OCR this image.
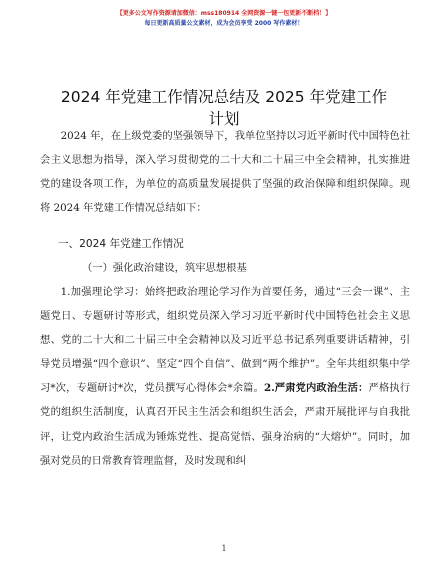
【更多公文写作资源请加微信：mss180914 全网资源一键一包更新不断档！】
每日更新高质量公文素材，成为会员享受 2000 写作素材！
2024 年党建工作情况总结及 2025 年党建工作
计划
2024 年，在上级党委的坚强领导下，我单位坚持以习近平新时代中国特色社会主义思想为指导，深入学习贯彻党的二十大和二十届三中全会精神，扎实推进党的建设各项工作，为单位的高质量发展提供了坚强的政治保障和组织保障。现将 2024 年党建工作情况总结如下：
一、2024 年党建工作情况
（一）强化政治建设，筑牢思想根基
1.加强理论学习：始终把政治理论学习作为首要任务，通过“三会一课”、主题党日、专题研讨等形式，组织党员深入学习习近平新时代中国特色社会主义思想、党的二十大和二十届三中全会精神以及习近平总书记系列重要讲话精神，引导党员增强“四个意识”、坚定“四个自信”、做到“两个维护”。全年共组织集中学习*次，专题研讨*次，党员撰写心得体会*余篇。2.严肃党内政治生活：严格执行党的组织生活制度，认真召开民主生活会和组织生活会，严肃开展批评与自我批评，让党内政治生活成为锤炼党性、提高觉悟、强身治病的“大熔炉”。同时，加强对党员的日常教育管理监督，及时发现和纠
1
